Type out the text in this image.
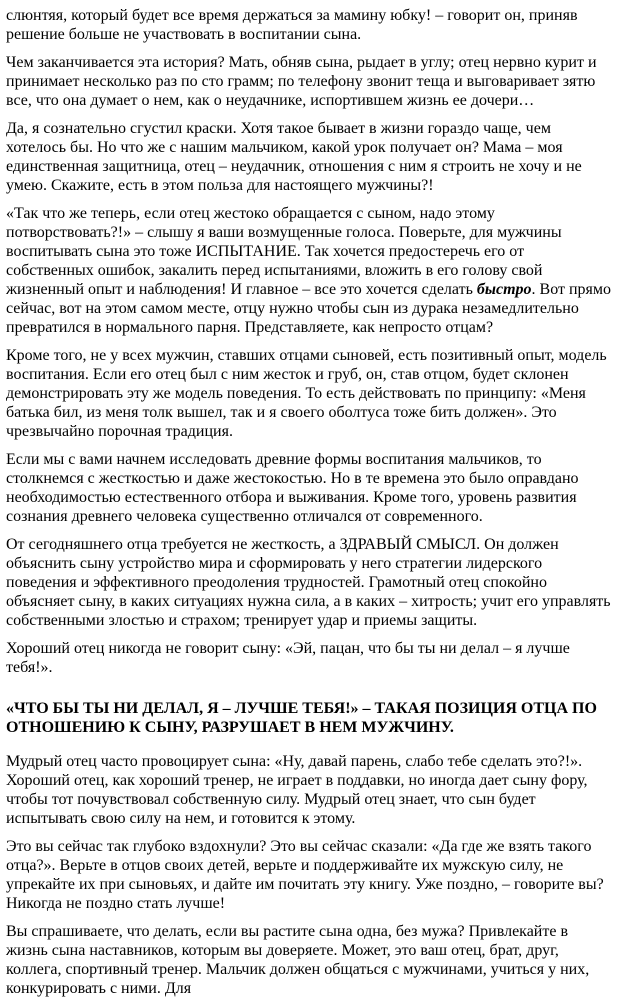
слюнтяя, который будет все время держаться за мамину юбку! – говорит он, приняв решение больше не участвовать в воспитании сына.

Чем заканчивается эта история? Мать, обняв сына, рыдает в углу; отец нервно курит и принимает несколько раз по сто грамм; по телефону звонит теща и выговаривает зятю все, что она думает о нем, как о неудачнике, испортившем жизнь ее дочери…

Да, я сознательно сгустил краски. Хотя такое бывает в жизни гораздо чаще, чем хотелось бы. Но что же с нашим мальчиком, какой урок получает он? Мама – моя единственная защитница, отец – неудачник, отношения с ним я строить не хочу и не умею. Скажите, есть в этом польза для настоящего мужчины?!

«Так что же теперь, если отец жестоко обращается с сыном, надо этому потворствовать?!» – слышу я ваши возмущенные голоса. Поверьте, для мужчины воспитывать сына это тоже ИСПЫТАНИЕ. Так хочется предостеречь его от собственных ошибок, закалить перед испытаниями, вложить в его голову свой жизненный опыт и наблюдения! И главное – все это хочется сделать быстро. Вот прямо сейчас, вот на этом самом месте, отцу нужно чтобы сын из дурака незамедлительно превратился в нормального парня. Представляете, как непросто отцам?

Кроме того, не у всех мужчин, ставших отцами сыновей, есть позитивный опыт, модель воспитания. Если его отец был с ним жесток и груб, он, став отцом, будет склонен демонстрировать эту же модель поведения. То есть действовать по принципу: «Меня батька бил, из меня толк вышел, так и я своего оболтуса тоже бить должен». Это чрезвычайно порочная традиция.

Если мы с вами начнем исследовать древние формы воспитания мальчиков, то столкнемся с жесткостью и даже жестокостью. Но в те времена это было оправдано необходимостью естественного отбора и выживания. Кроме того, уровень развития сознания древнего человека существенно отличался от современного.

От сегодняшнего отца требуется не жесткость, а ЗДРАВЫЙ СМЫСЛ. Он должен объяснить сыну устройство мира и сформировать у него стратегии лидерского поведения и эффективного преодоления трудностей. Грамотный отец спокойно объясняет сыну, в каких ситуациях нужна сила, а в каких – хитрость; учит его управлять собственными злостью и страхом; тренирует удар и приемы защиты.

Хороший отец никогда не говорит сыну: «Эй, пацан, что бы ты ни делал – я лучше тебя!».

«ЧТО БЫ ТЫ НИ ДЕЛАЛ, Я – ЛУЧШЕ ТЕБЯ!» – ТАКАЯ ПОЗИЦИЯ ОТЦА ПО ОТНОШЕНИЮ К СЫНУ, РАЗРУШАЕТ В НЕМ МУЖЧИНУ.

Мудрый отец часто провоцирует сына: «Ну, давай парень, слабо тебе сделать это?!». Хороший отец, как хороший тренер, не играет в поддавки, но иногда дает сыну фору, чтобы тот почувствовал собственную силу. Мудрый отец знает, что сын будет испытывать свою силу на нем, и готовится к этому.

Это вы сейчас так глубоко вздохнули? Это вы сейчас сказали: «Да где же взять такого отца?». Верьте в отцов своих детей, верьте и поддерживайте их мужскую силу, не упрекайте их при сыновьях, и дайте им почитать эту книгу. Уже поздно, – говорите вы? Никогда не поздно стать лучше!

Вы спрашиваете, что делать, если вы растите сына одна, без мужа? Привлекайте в жизнь сына наставников, которым вы доверяете. Может, это ваш отец, брат, друг, коллега, спортивный тренер. Мальчик должен общаться с мужчинами, учиться у них, конкурировать с ними. Для
